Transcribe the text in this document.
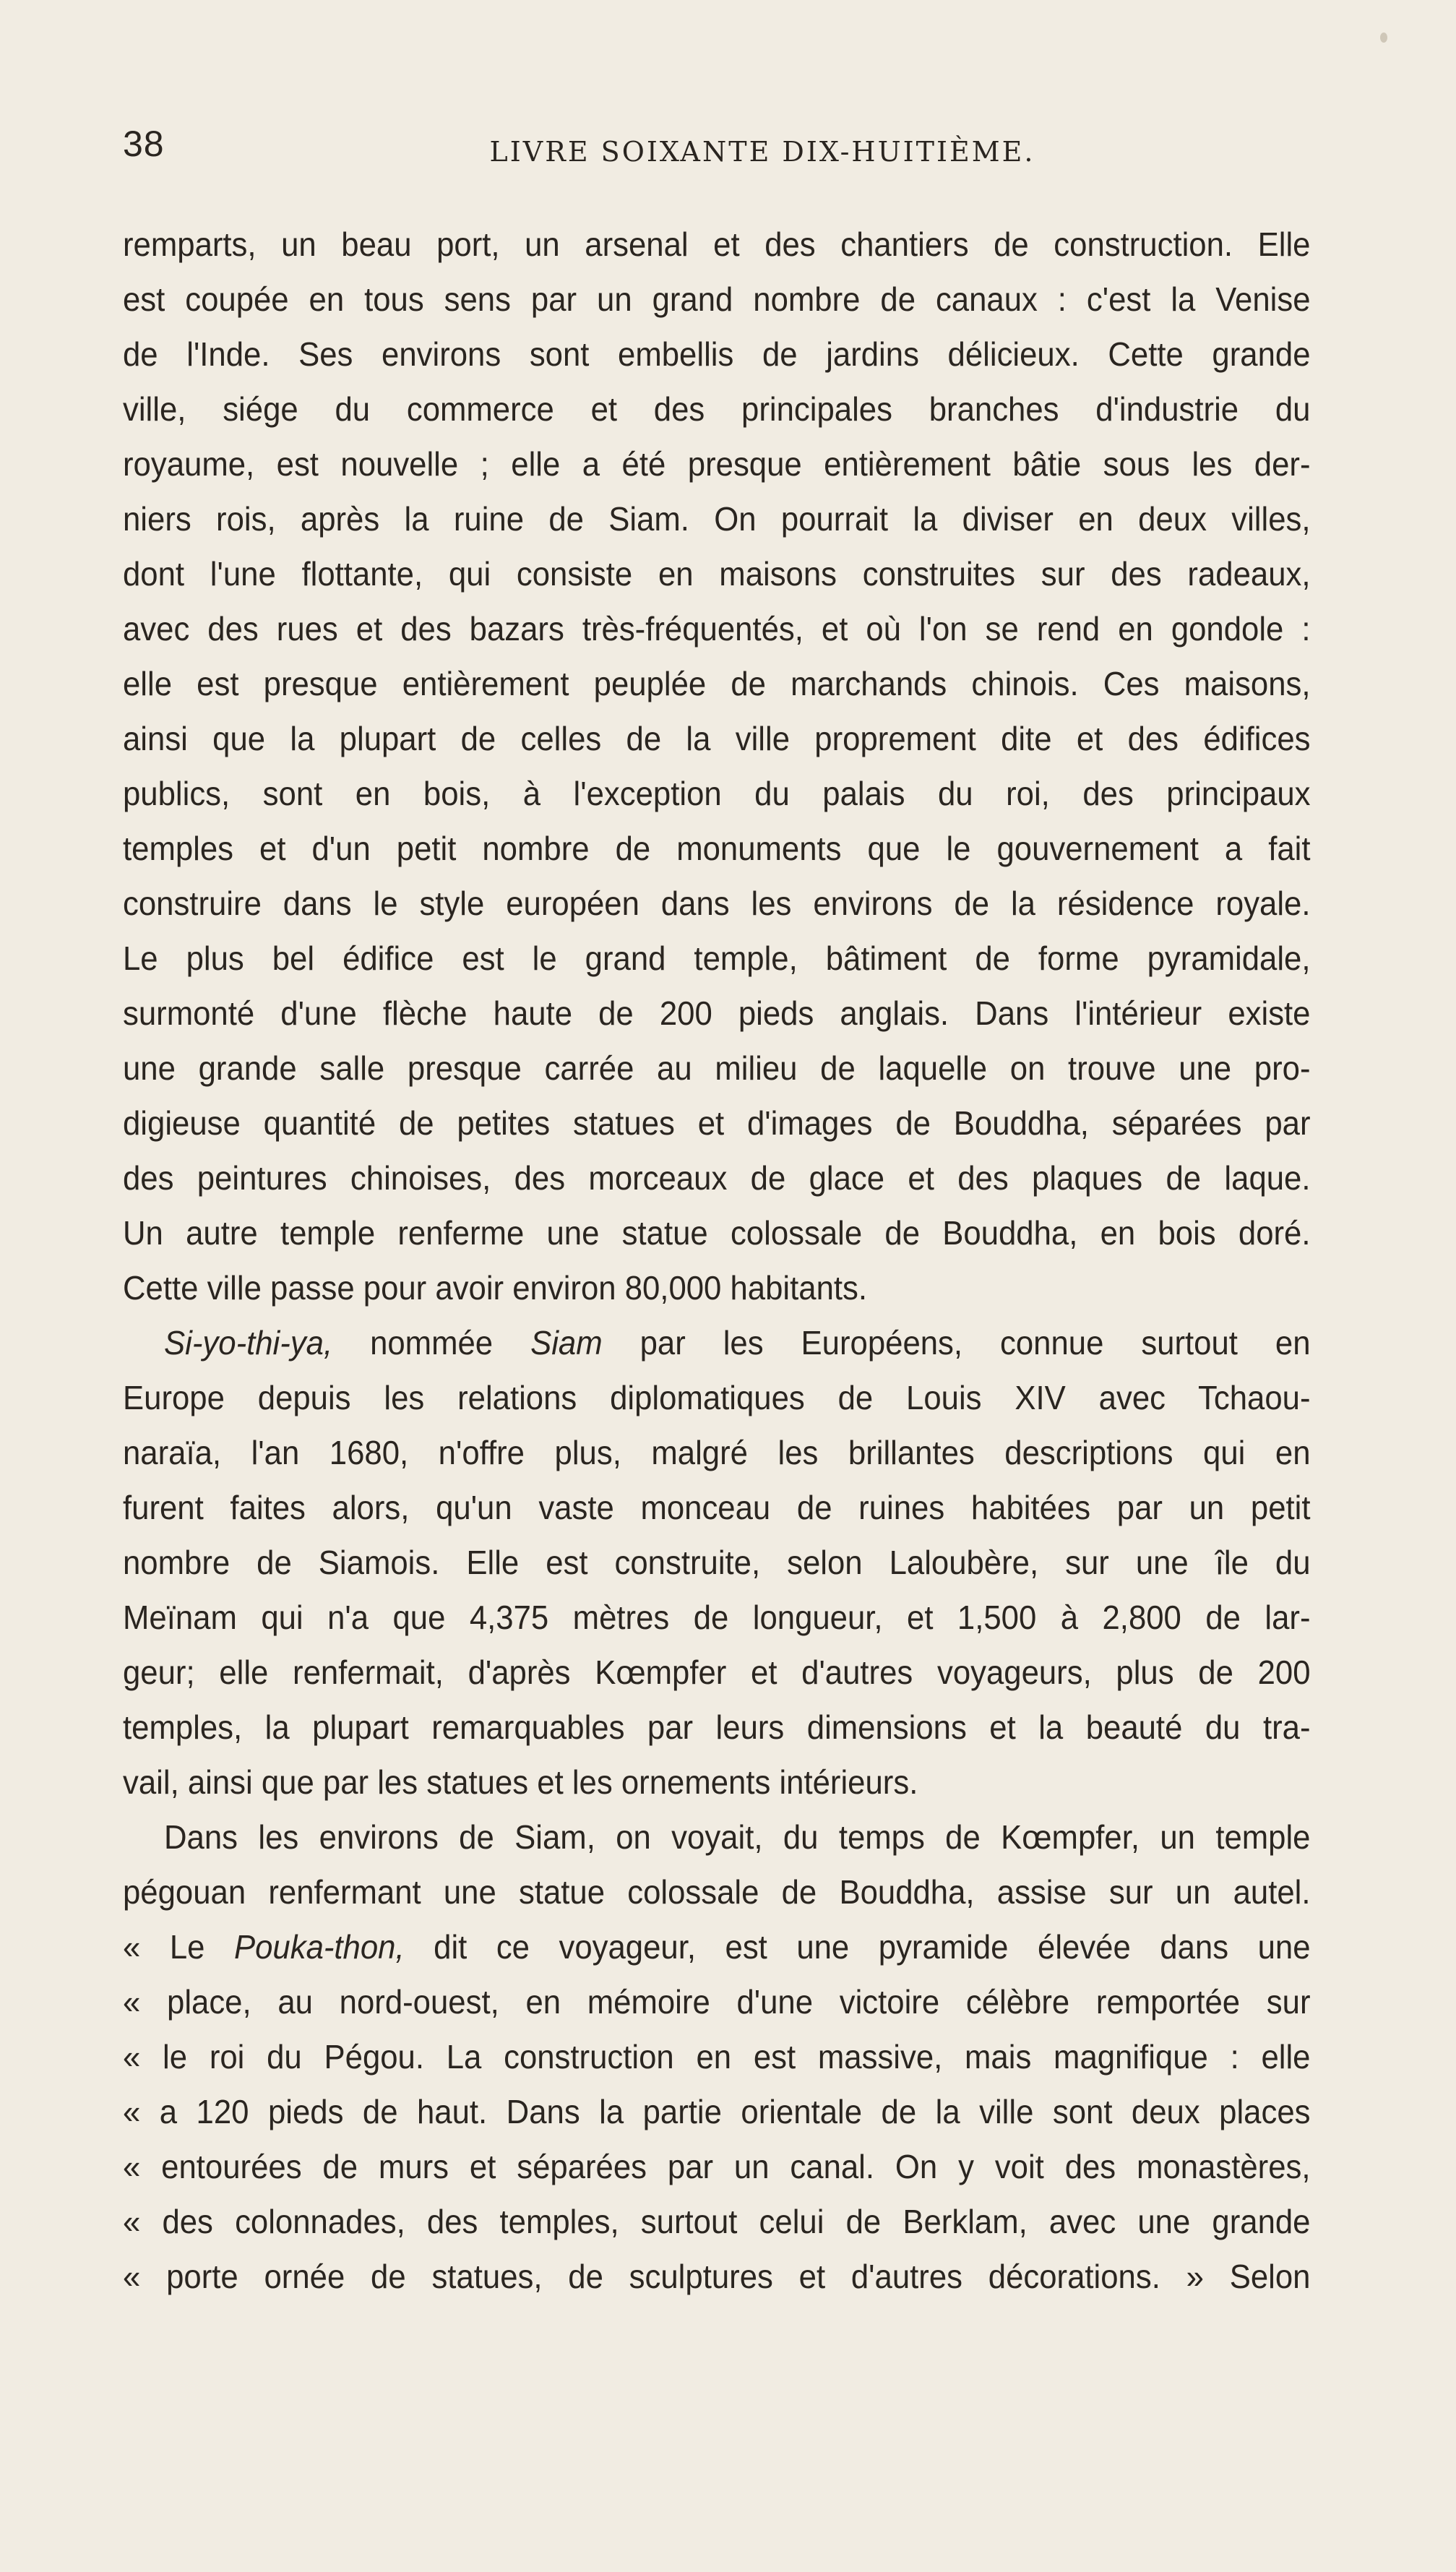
38	LIVRE SOIXANTE DIX-HUITIÈME.
remparts, un beau port, un arsenal et des chantiers de construction. Elle
est coupée en tous sens par un grand nombre de canaux : c'est la Venise
de l'Inde. Ses environs sont embellis de jardins délicieux. Cette grande
ville, siége du commerce et des principales branches d'industrie du
royaume, est nouvelle ; elle a été presque entièrement bâtie sous les der-
niers rois, après la ruine de Siam. On pourrait la diviser en deux villes,
dont l'une flottante, qui consiste en maisons construites sur des radeaux,
avec des rues et des bazars très-fréquentés, et où l'on se rend en gondole :
elle est presque entièrement peuplée de marchands chinois. Ces maisons,
ainsi que la plupart de celles de la ville proprement dite et des édifices
publics, sont en bois, à l'exception du palais du roi, des principaux
temples et d'un petit nombre de monuments que le gouvernement a fait
construire dans le style européen dans les environs de la résidence royale.
Le plus bel édifice est le grand temple, bâtiment de forme pyramidale,
surmonté d'une flèche haute de 200 pieds anglais. Dans l'intérieur existe
une grande salle presque carrée au milieu de laquelle on trouve une pro-
digieuse quantité de petites statues et d'images de Bouddha, séparées par
des peintures chinoises, des morceaux de glace et des plaques de laque.
Un autre temple renferme une statue colossale de Bouddha, en bois doré.
Cette ville passe pour avoir environ 80,000 habitants.
Si-yo-thi-ya, nommée Siam par les Européens, connue surtout en
Europe depuis les relations diplomatiques de Louis XIV avec Tchaou-
naraïa, l'an 1680, n'offre plus, malgré les brillantes descriptions qui en
furent faites alors, qu'un vaste monceau de ruines habitées par un petit
nombre de Siamois. Elle est construite, selon Laloubère, sur une île du
Meïnam qui n'a que 4,375 mètres de longueur, et 1,500 à 2,800 de lar-
geur; elle renfermait, d'après Kœmpfer et d'autres voyageurs, plus de 200
temples, la plupart remarquables par leurs dimensions et la beauté du tra-
vail, ainsi que par les statues et les ornements intérieurs.
Dans les environs de Siam, on voyait, du temps de Kœmpfer, un temple
pégouan renfermant une statue colossale de Bouddha, assise sur un autel.
« Le Pouka-thon, dit ce voyageur, est une pyramide élevée dans une
« place, au nord-ouest, en mémoire d'une victoire célèbre remportée sur
« le roi du Pégou. La construction en est massive, mais magnifique : elle
« a 120 pieds de haut. Dans la partie orientale de la ville sont deux places
« entourées de murs et séparées par un canal. On y voit des monastères,
« des colonnades, des temples, surtout celui de Berklam, avec une grande
« porte ornée de statues, de sculptures et d'autres décorations. » Selon
